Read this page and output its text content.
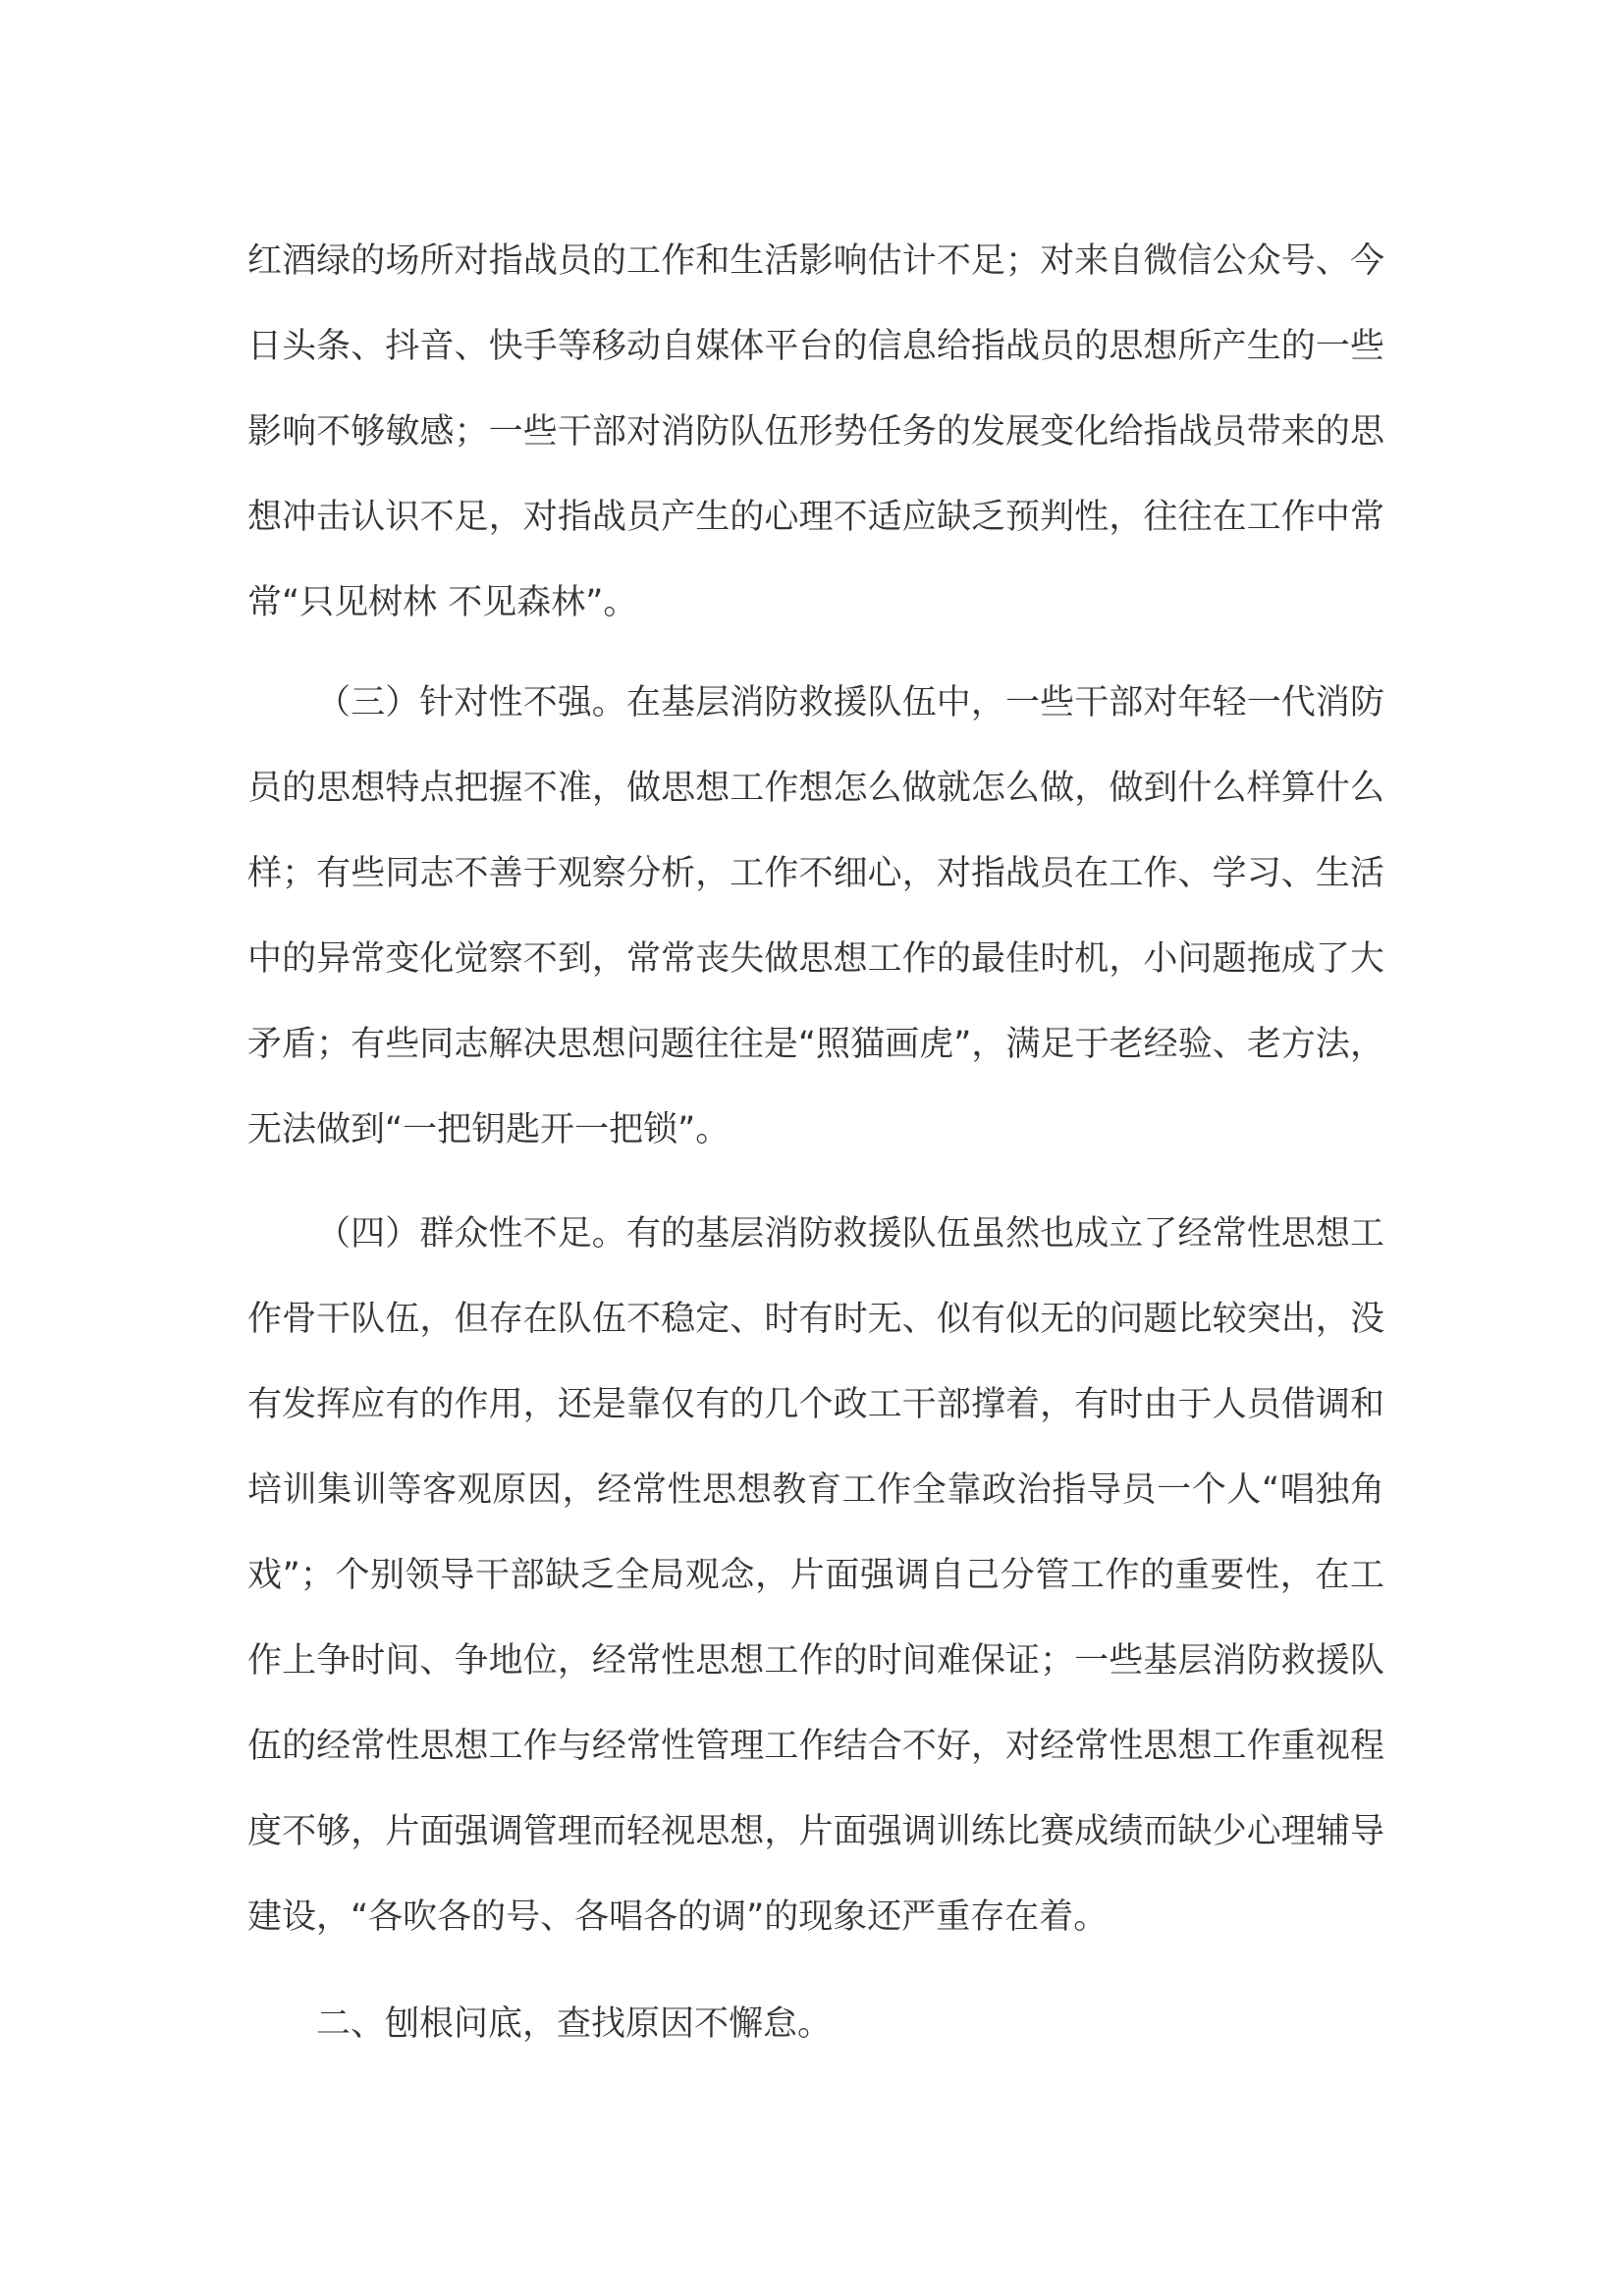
红酒绿的场所对指战员的工作和生活影响估计不足；对来自微信公众号、今
日头条、抖音、快手等移动自媒体平台的信息给指战员的思想所产生的一些
影响不够敏感；一些干部对消防队伍形势任务的发展变化给指战员带来的思
想冲击认识不足，对指战员产生的心理不适应缺乏预判性，往往在工作中常
常“只见树林 不见森林”。
（三）针对性不强。在基层消防救援队伍中，一些干部对年轻一代消防
员的思想特点把握不准，做思想工作想怎么做就怎么做，做到什么样算什么
样；有些同志不善于观察分析，工作不细心，对指战员在工作、学习、生活
中的异常变化觉察不到，常常丧失做思想工作的最佳时机，小问题拖成了大
矛盾；有些同志解决思想问题往往是“照猫画虎”，满足于老经验、老方法，
无法做到“一把钥匙开一把锁”。
（四）群众性不足。有的基层消防救援队伍虽然也成立了经常性思想工
作骨干队伍，但存在队伍不稳定、时有时无、似有似无的问题比较突出，没
有发挥应有的作用，还是靠仅有的几个政工干部撑着，有时由于人员借调和
培训集训等客观原因，经常性思想教育工作全靠政治指导员一个人“唱独角
戏”；个别领导干部缺乏全局观念，片面强调自己分管工作的重要性，在工
作上争时间、争地位，经常性思想工作的时间难保证；一些基层消防救援队
伍的经常性思想工作与经常性管理工作结合不好，对经常性思想工作重视程
度不够，片面强调管理而轻视思想，片面强调训练比赛成绩而缺少心理辅导
建设，“各吹各的号、各唱各的调”的现象还严重存在着。
二、刨根问底，查找原因不懈怠。
